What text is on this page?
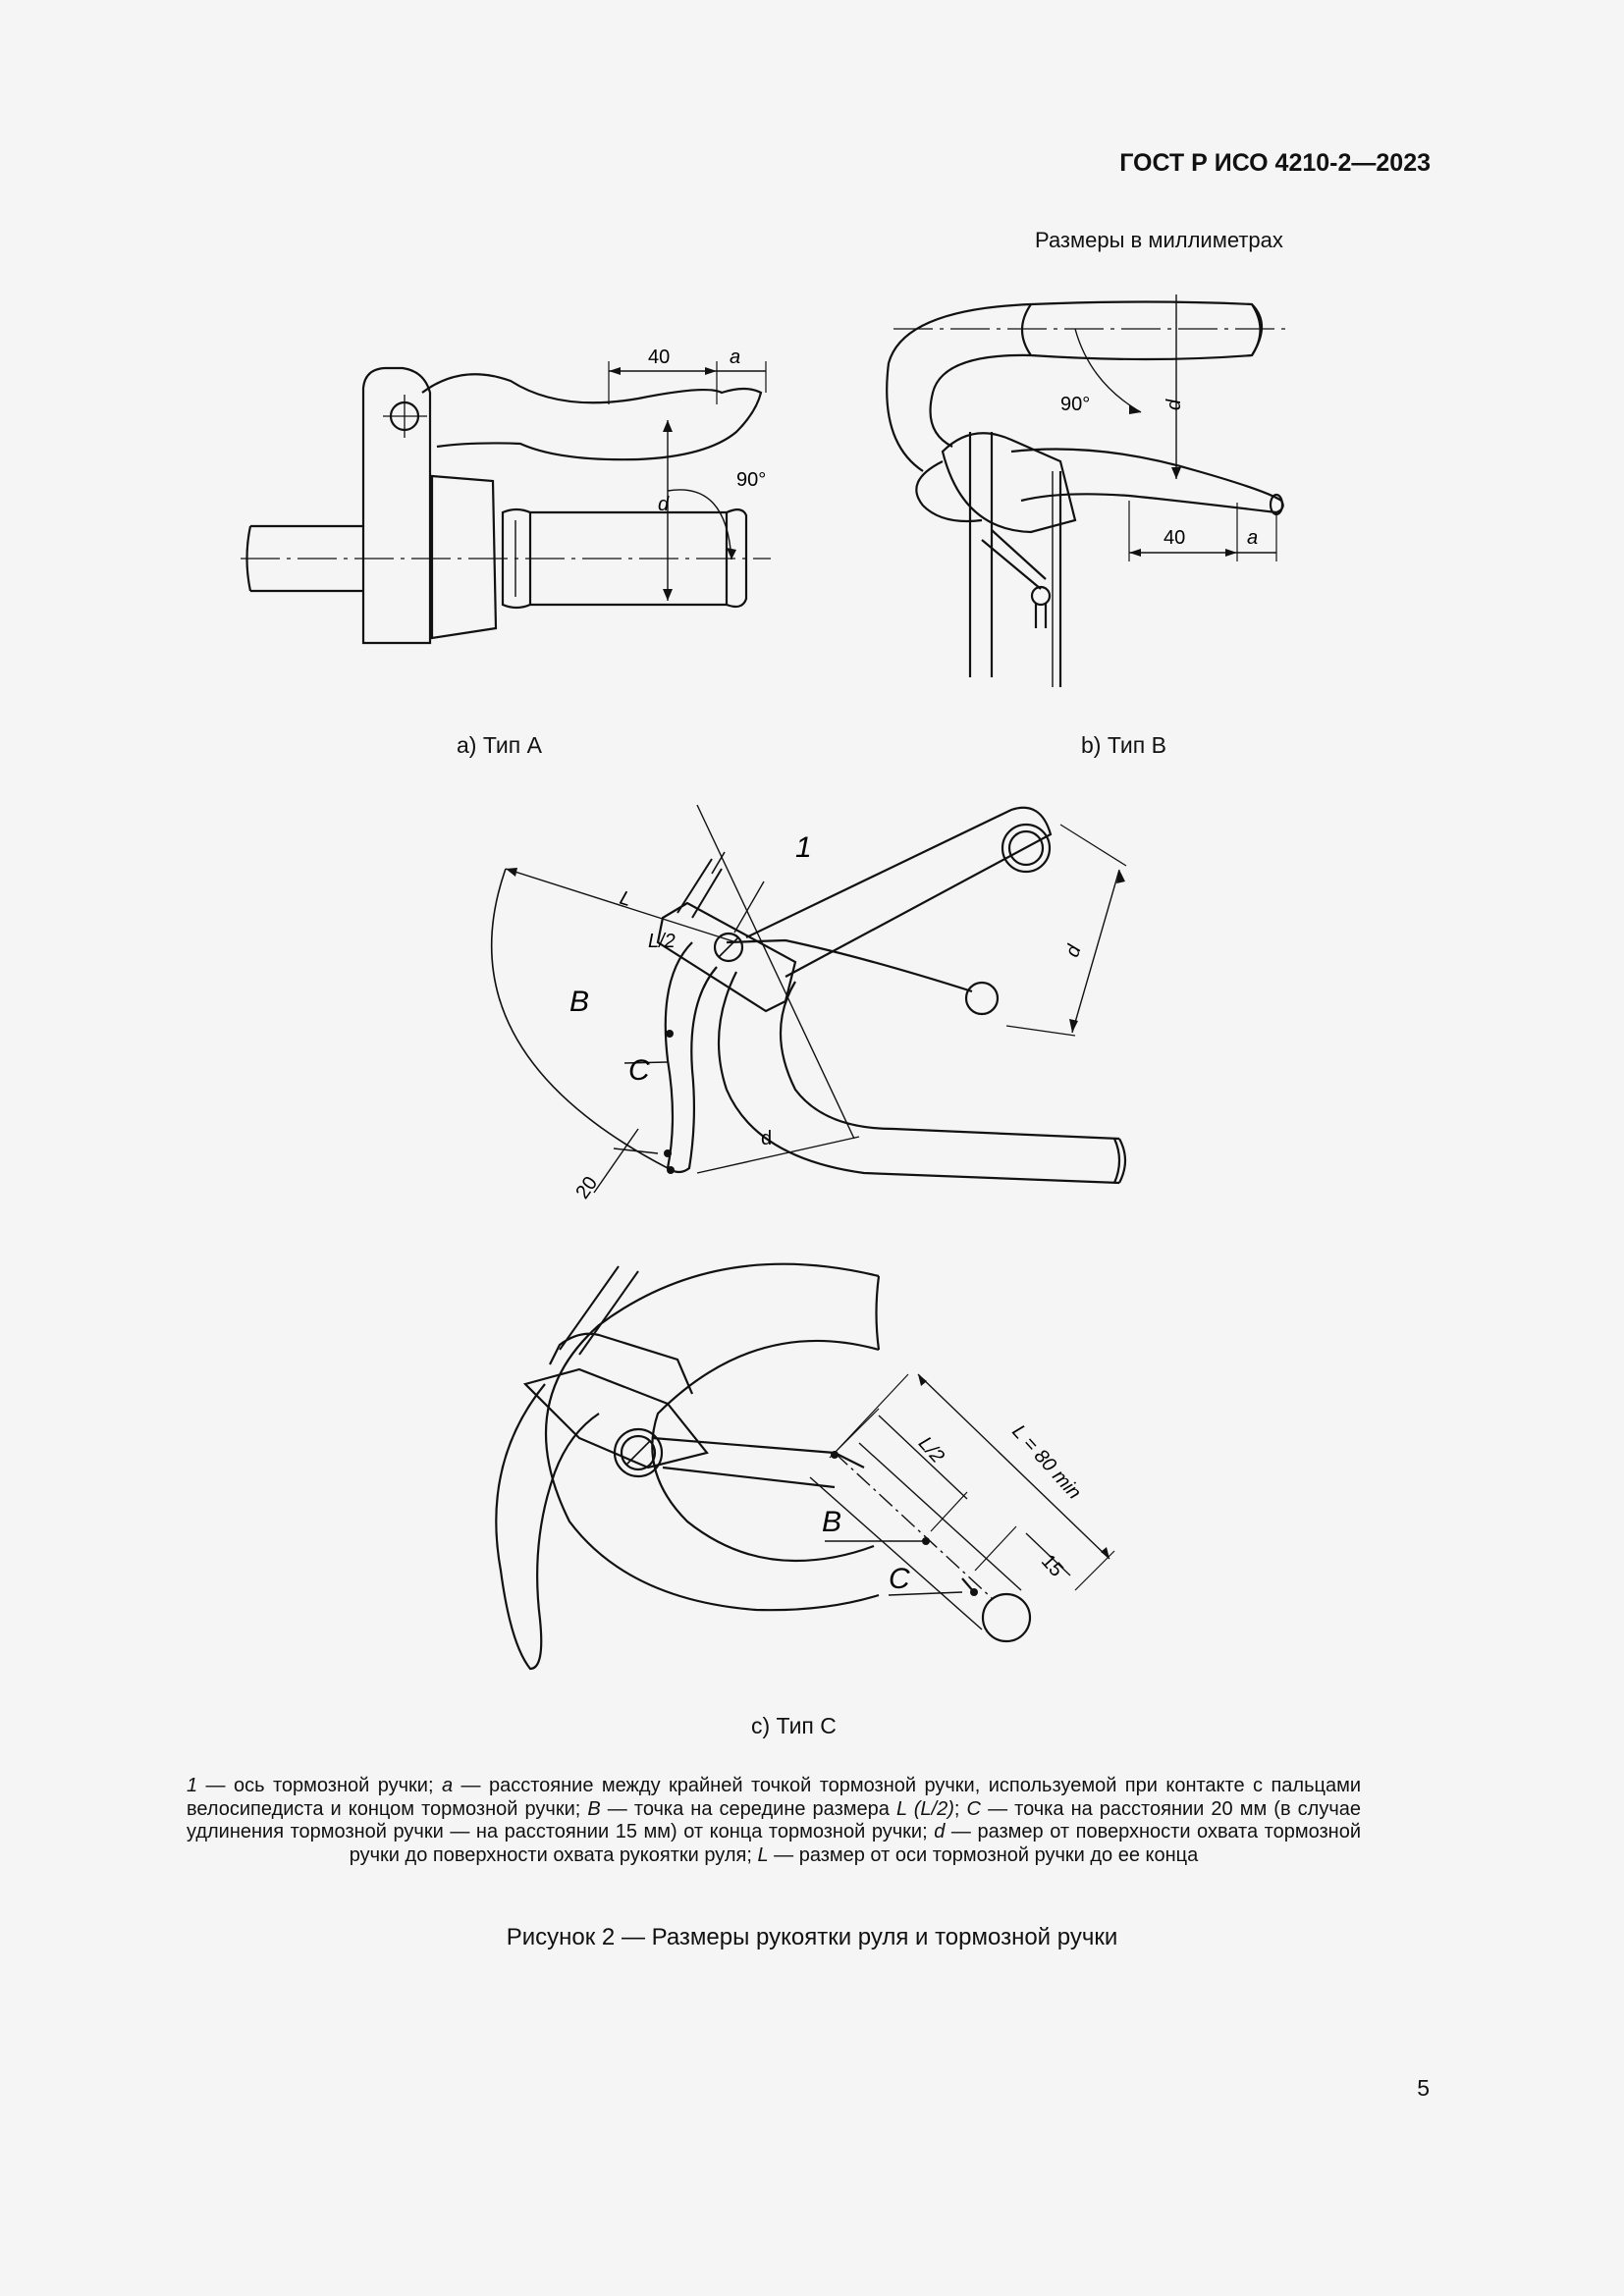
ГОСТ Р ИСО 4210-2—2023
Размеры в миллиметрах
40	a
d
90°
а) Тип А
d
90°
40	a
b) Тип В
1
L
L/2
B
C
d
d
20
L = 80 min
L/2
B
C	15
с) Тип С
1 — ось тормозной ручки; a — расстояние между крайней точкой тормозной ручки, используемой при контакте с пальцами велосипедиста и концом тормозной ручки; B — точка на середине размера L (L/2); C — точка на расстоянии 20 мм (в случае удлинения тормозной ручки — на расстоянии 15 мм) от конца тормозной ручки; d — размер от поверхности охвата тормозной ручки до поверхности охвата рукоятки руля; L — размер от оси тормозной ручки до ее конца
Рисунок 2 — Размеры рукоятки руля и тормозной ручки
5
